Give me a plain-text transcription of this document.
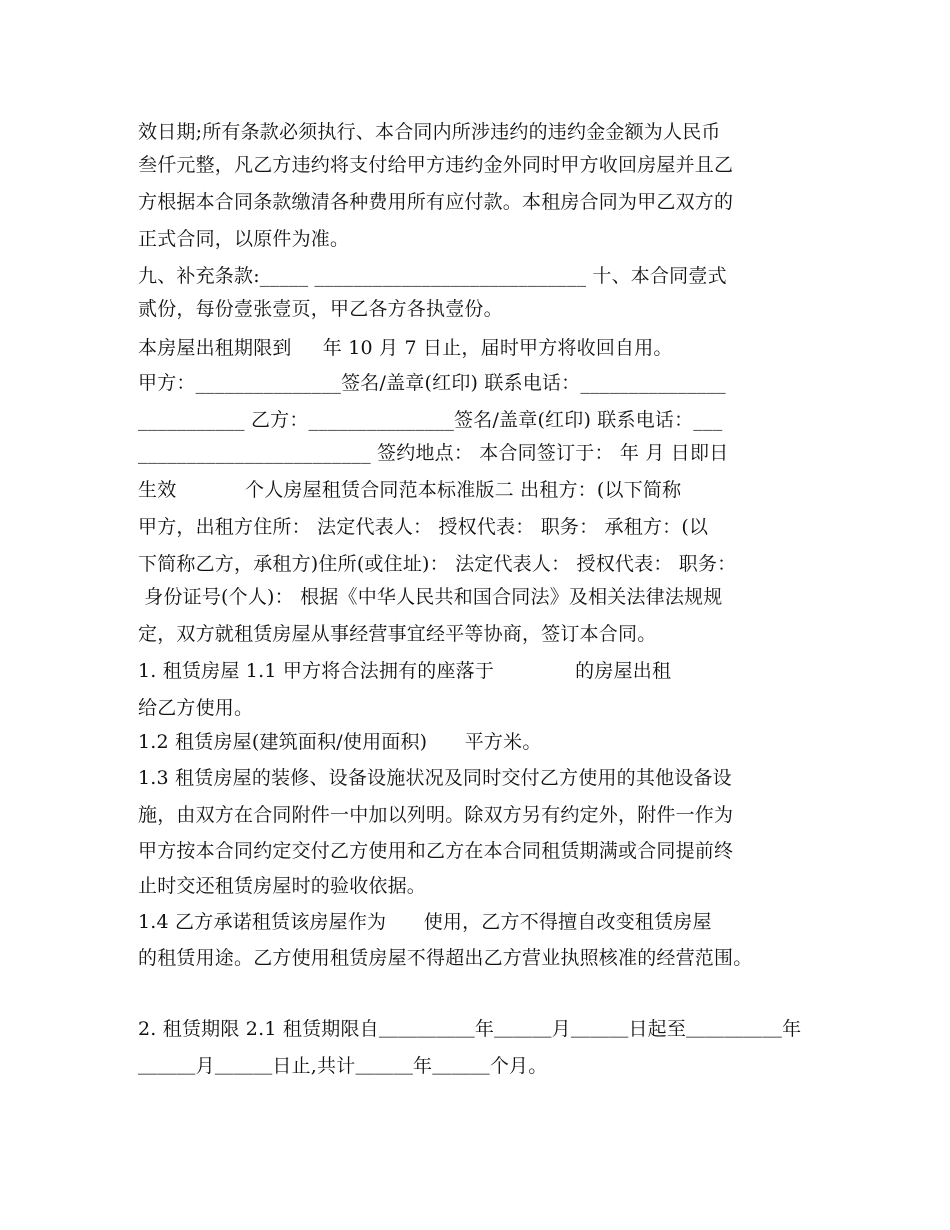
效日期;所有条款必须执行、本合同内所涉违约的违约金金额为人民币
叁仟元整，凡乙方违约将支付给甲方违约金外同时甲方收回房屋并且乙
方根据本合同条款缴清各种费用所有应付款。本租房合同为甲乙双方的
正式合同，以原件为准。
九、补充条款:_____ ____________________________ 十、本合同壹式
贰份，每份壹张壹页，甲乙各方各执壹份。
本房屋出租期限到     年 10 月 7 日止，届时甲方将收回自用。
甲方：_______________签名/盖章(红印) 联系电话：_______________
___________ 乙方：_______________签名/盖章(红印) 联系电话：___
________________________ 签约地点： 本合同签订于： 年 月 日即日
生效           个人房屋租赁合同范本标准版二 出租方：(以下简称
甲方，出租方住所： 法定代表人： 授权代表： 职务： 承租方：(以
下简称乙方，承租方)住所(或住址)： 法定代表人： 授权代表： 职务：
身份证号(个人)： 根据《中华人民共和国合同法》及相关法律法规规
定，双方就租赁房屋从事经营事宜经平等协商，签订本合同。
1. 租赁房屋 1.1 甲方将合法拥有的座落于             的房屋出租
给乙方使用。
1.2 租赁房屋(建筑面积/使用面积)      平方米。
1.3 租赁房屋的装修、设备设施状况及同时交付乙方使用的其他设备设
施，由双方在合同附件一中加以列明。除双方另有约定外，附件一作为
甲方按本合同约定交付乙方使用和乙方在本合同租赁期满或合同提前终
止时交还租赁房屋时的验收依据。
1.4 乙方承诺租赁该房屋作为      使用，乙方不得擅自改变租赁房屋
的租赁用途。乙方使用租赁房屋不得超出乙方营业执照核准的经营范围。
2. 租赁期限 2.1 租赁期限自＿＿＿＿＿年＿＿＿月＿＿＿日起至＿＿＿＿＿年
＿＿＿月＿＿＿日止,共计＿＿＿年＿＿＿个月。
